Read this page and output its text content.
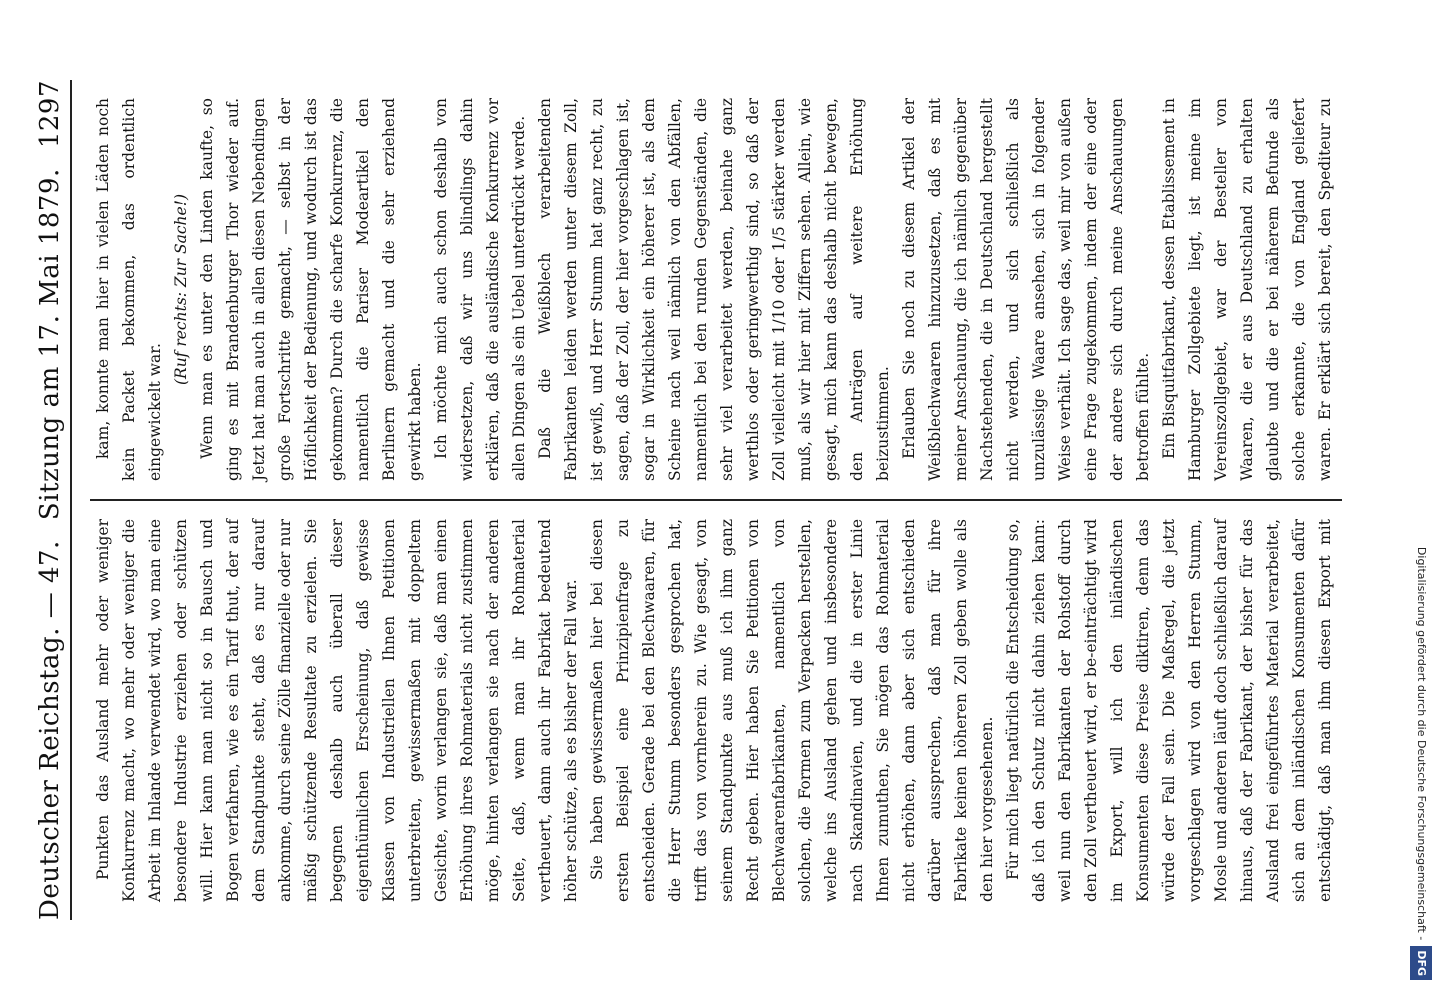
Deutscher Reichstag. — 47.
Sitzung am 17. Mai 1879.
1297

Punkten das Ausland mehr oder weniger Konkurrenz macht, wo mehr oder weniger die Arbeit im Inlande verwendet wird, wo man eine besondere Industrie erziehen oder schützen will. Hier kann man nicht so in Bausch und Bogen verfahren, wie es ein Tarif thut, der auf dem Standpunkte steht, daß es nur darauf ankomme, durch seine Zölle finanzielle oder nur mäßig schützende Resultate zu erzielen. Sie begegnen deshalb auch überall dieser eigenthümlichen Erscheinung, daß gewisse Klassen von Industriellen Ihnen Petitionen unterbreiten, gewissermaßen mit doppeltem Gesichte, worin verlangen sie, daß man einen Erhöhung ihres Rohmaterials nicht zustimmen möge, hinten verlangen sie nach der anderen Seite, daß, wenn man ihr Rohmaterial vertheuert, dann auch ihr Fabrikat bedeutend höher schütze, als es bisher der Fall war. Sie haben gewissermaßen hier bei diesen ersten Beispiel eine Prinzipienfrage zu entscheiden. Gerade bei den Blechwaaren, für die Herr Stumm besonders gesprochen hat, trifft das von vornherein zu. Wie gesagt, von seinem Standpunkte aus muß ich ihm ganz Recht geben. Hier haben Sie Petitionen von Blechwaarenfabrikanten, namentlich von solchen, die Formen zum Verpacken herstellen, welche ins Ausland gehen und insbesondere nach Skandinavien, und die in erster Linie Ihnen zumuthen, Sie mögen das Rohmaterial nicht erhöhen, dann aber sich entschieden darüber aussprechen, daß man für ihre Fabrikate keinen höheren Zoll geben wolle als den hier vorgesehenen. Für mich liegt natürlich die Entscheidung so, daß ich den Schutz nicht dahin ziehen kann: weil nun den Fabrikanten der Rohstoff durch den Zoll vertheuert wird, er be-einträchtigt wird im Export, will ich den inländischen Konsumenten diese Preise diktiren, denn das würde der Fall sein. Die Maßregel, die jetzt vorgeschlagen wird von den Herren Stumm, Mosle und anderen läuft doch schließlich darauf hinaus, daß der Fabrikant, der bisher für das Ausland frei eingeführtes Material verarbeitet, sich an dem inländischen Konsumenten dafür entschädigt, daß man ihm diesen Export mit

kam, konnte man hier in vielen Läden noch kein Packet bekommen, das ordentlich eingewickelt war.

(Ruf rechts: Zur Sache!) Wenn man es unter den Linden kaufte, so ging es mit Brandenburger Thor wieder auf. Jetzt hat man auch in allen diesen Nebendingen große Fortschritte gemacht, — selbst in der Höflichkeit der Bedienung, und wodurch ist das gekommen? Durch die scharfe Konkurrenz, die namentlich die Pariser Modeartikel den Berlinern gemacht und die sehr erziehend gewirkt haben. Ich möchte mich auch schon deshalb von widersetzen, daß wir uns blindlings dahin erklären, daß die ausländische Konkurrenz vor allen Dingen als ein Uebel unterdrückt werde. Daß die Weißblech verarbeitenden Fabrikanten leiden werden unter diesem Zoll, ist gewiß, und Herr Stumm hat ganz recht, zu sagen, daß der Zoll, der hier vorgeschlagen ist, sogar in Wirklichkeit ein höherer ist, als dem Scheine nach weil nämlich von den Abfällen, namentlich bei den runden Gegenständen, die sehr viel verarbeitet werden, beinahe ganz werthlos oder geringwerthig sind, so daß der Zoll vielleicht mit 1/10 oder 1/5 stärker werden muß, als wir hier mit Ziffern sehen. Allein, wie gesagt, mich kann das deshalb nicht bewegen, den Anträgen auf weitere Erhöhung beizustimmen. Erlauben Sie noch zu diesem Artikel der Weißblechwaaren hinzuzusetzen, daß es mit meiner Anschauung, die ich nämlich gegenüber Nachstehenden, die in Deutschland hergestellt nicht werden, und sich schließlich als unzulässige Waare ansehen, sich in folgender Weise verhält. Ich sage das, weil mir von außen eine Frage zugekommen, indem der eine oder der andere sich durch meine Anschauungen betroffen fühlte. Ein Bisquitfabrikant, dessen Etablissement in Hamburger Zollgebiete liegt, ist meine im Vereinszollgebiet, war der Besteller von Waaren, die er aus Deutschland zu erhalten glaubte und die er bei näherem Befunde als solche erkannte, die von England geliefert waren. Er erklärt sich bereit, den Spediteur zu

Digitalisierung gefördert durch die Deutsche Forschungsgemeinschaft -DFG
